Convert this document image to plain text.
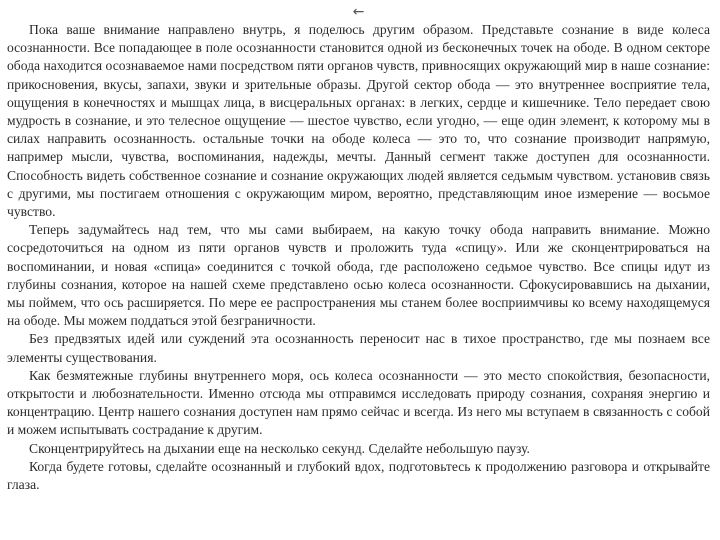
←

Пока ваше внимание направлено внутрь, я поделюсь другим образом. Представьте сознание в виде колеса осознанности. Все попадающее в поле осознанности становится одной из бесконечных точек на ободе. В одном секторе обода находится осознаваемое нами посредством пяти органов чувств, привносящих окружающий мир в наше сознание: прикосновения, вкусы, запахи, звуки и зрительные образы. Другой сектор обода — это внутреннее восприятие тела, ощущения в конечностях и мышцах лица, в висцеральных органах: в легких, сердце и кишечнике. Тело передает свою мудрость в сознание, и это телесное ощущение — шестое чувство, если угодно, — еще один элемент, к которому мы в силах направить осознанность. остальные точки на ободе колеса — это то, что сознание производит напрямую, например мысли, чувства, воспоминания, надежды, мечты. Данный сегмент также доступен для осознанности. Способность видеть собственное сознание и сознание окружающих людей является седьмым чувством. установив связь с другими, мы постигаем отношения с окружающим миром, вероятно, представляющим иное измерение — восьмое чувство.

Теперь задумайтесь над тем, что мы сами выбираем, на какую точку обода направить внимание. Можно сосредоточиться на одном из пяти органов чувств и проложить туда «спицу». Или же сконцентрироваться на воспоминании, и новая «спица» соединится с точкой обода, где расположено седьмое чувство. Все спицы идут из глубины сознания, которое на нашей схеме представлено осью колеса осознанности. Сфокусировавшись на дыхании, мы поймем, что ось расширяется. По мере ее распространения мы станем более восприимчивы ко всему находящемуся на ободе. Мы можем поддаться этой безграничности.

Без предвзятых идей или суждений эта осознанность переносит нас в тихое пространство, где мы познаем все элементы существования.

Как безмятежные глубины внутреннего моря, ось колеса осознанности — это место спокойствия, безопасности, открытости и любознательности. Именно отсюда мы отправимся исследовать природу сознания, сохраняя энергию и концентрацию. Центр нашего сознания доступен нам прямо сейчас и всегда. Из него мы вступаем в связанность с собой и можем испытывать сострадание к другим.

Сконцентрируйтесь на дыхании еще на несколько секунд. Сделайте небольшую паузу.

Когда будете готовы, сделайте осознанный и глубокий вдох, подготовьтесь к продолжению разговора и открывайте глаза.
